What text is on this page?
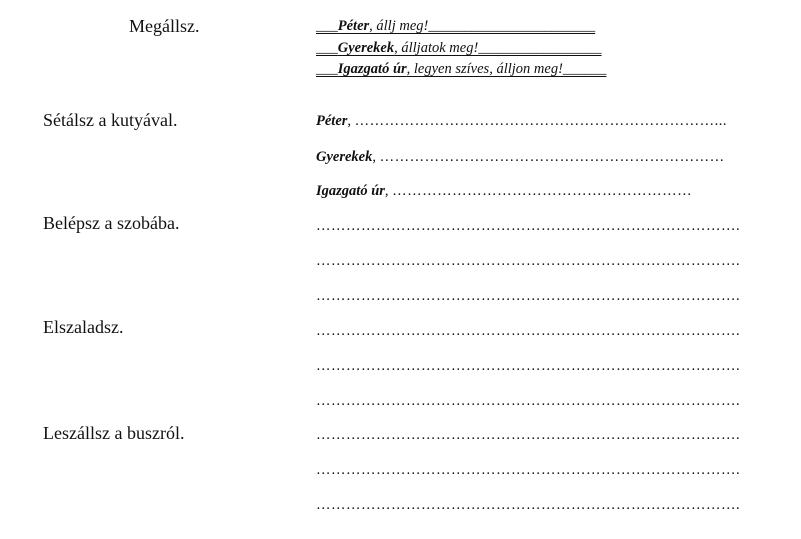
Megállsz.
Sétálsz a kutyával.
Belépsz a szobába.
Elszaladsz.
Leszállsz a buszról.
___Péter, állj meg!_______________________
___Gyerekek, álljatok meg!_________________
___Igazgató úr, legyen szíves, álljon meg!______
Péter, ………………………………………………………………...
Gyerekek, ……………………………………………………………
Igazgató úr, ……………………………………………………
………………………………………………………………………….
………………………………………………………………………….
………………………………………………………………………….
………………………………………………………………………….
………………………………………………………………………….
………………………………………………………………………….
………………………………………………………………………….
………………………………………………………………………….
………………………………………………………………………….
